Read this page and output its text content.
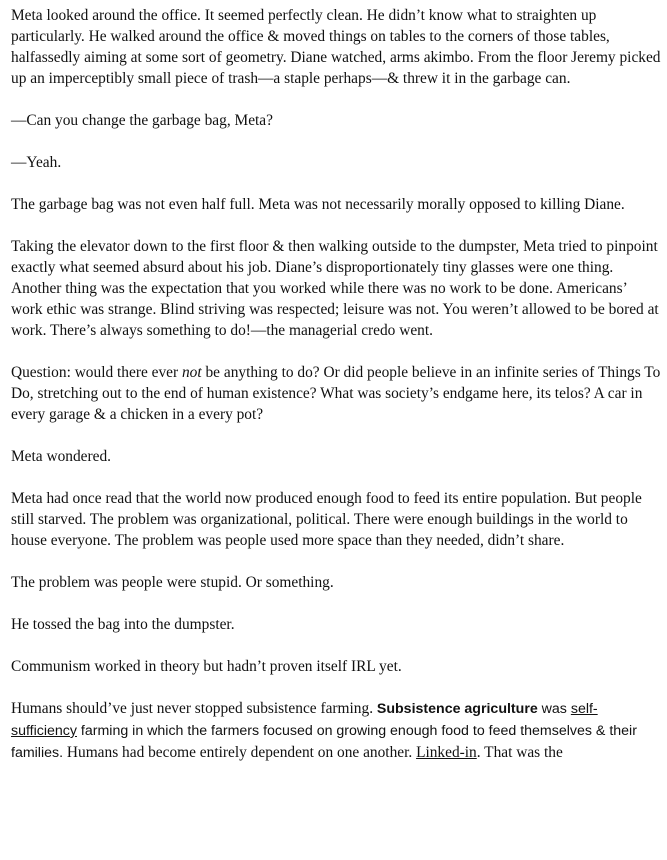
Meta looked around the office. It seemed perfectly clean. He didn’t know what to straighten up particularly. He walked around the office & moved things on tables to the corners of those tables, halfassedly aiming at some sort of geometry. Diane watched, arms akimbo. From the floor Jeremy picked up an imperceptibly small piece of trash—a staple perhaps—& threw it in the garbage can.

—Can you change the garbage bag, Meta?

—Yeah.

The garbage bag was not even half full. Meta was not necessarily morally opposed to killing Diane.

Taking the elevator down to the first floor & then walking outside to the dumpster, Meta tried to pinpoint exactly what seemed absurd about his job. Diane’s disproportionately tiny glasses were one thing. Another thing was the expectation that you worked while there was no work to be done. Americans’ work ethic was strange. Blind striving was respected; leisure was not. You weren’t allowed to be bored at work. There’s always something to do!—the managerial credo went.

Question: would there ever not be anything to do? Or did people believe in an infinite series of Things To Do, stretching out to the end of human existence? What was society’s endgame here, its telos? A car in every garage & a chicken in a every pot?

Meta wondered.

Meta had once read that the world now produced enough food to feed its entire population. But people still starved. The problem was organizational, political. There were enough buildings in the world to house everyone. The problem was people used more space than they needed, didn’t share.

The problem was people were stupid. Or something.

He tossed the bag into the dumpster.

Communism worked in theory but hadn’t proven itself IRL yet.

Humans should’ve just never stopped subsistence farming. Subsistence agriculture was self-sufficiency farming in which the farmers focused on growing enough food to feed themselves & their families. Humans had become entirely dependent on one another. Linked-in. That was the
